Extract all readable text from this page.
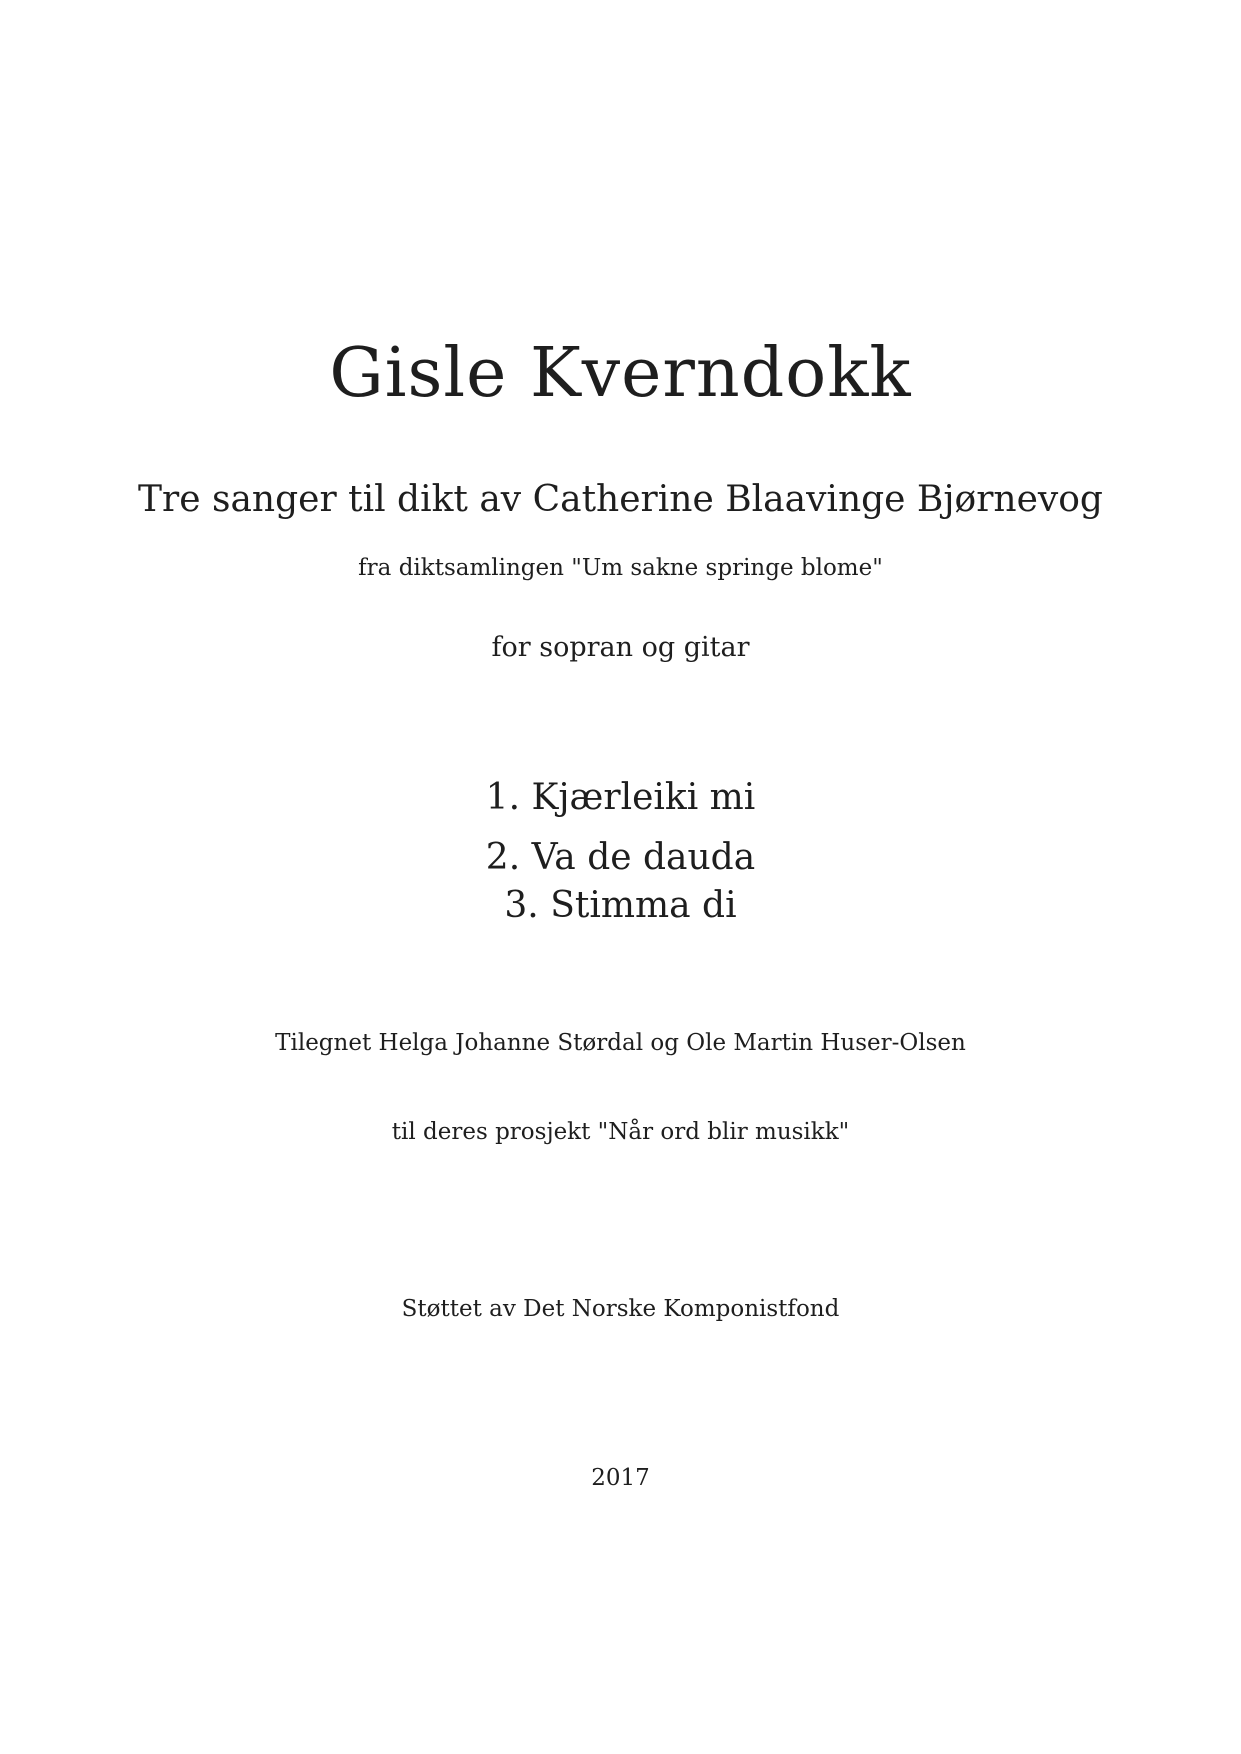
Gisle Kverndokk
Tre sanger til dikt av Catherine Blaavinge Bjørnevog

fra diktsamlingen "Um sakne springe blome"

for sopran og gitar

1. Kjærleiki mi
2. Va de dauda
3. Stimma di

Tilegnet Helga Johanne Størdal og Ole Martin Huser-Olsen

til deres prosjekt "Når ord blir musikk"

Støttet av Det Norske Komponistfond

2017
